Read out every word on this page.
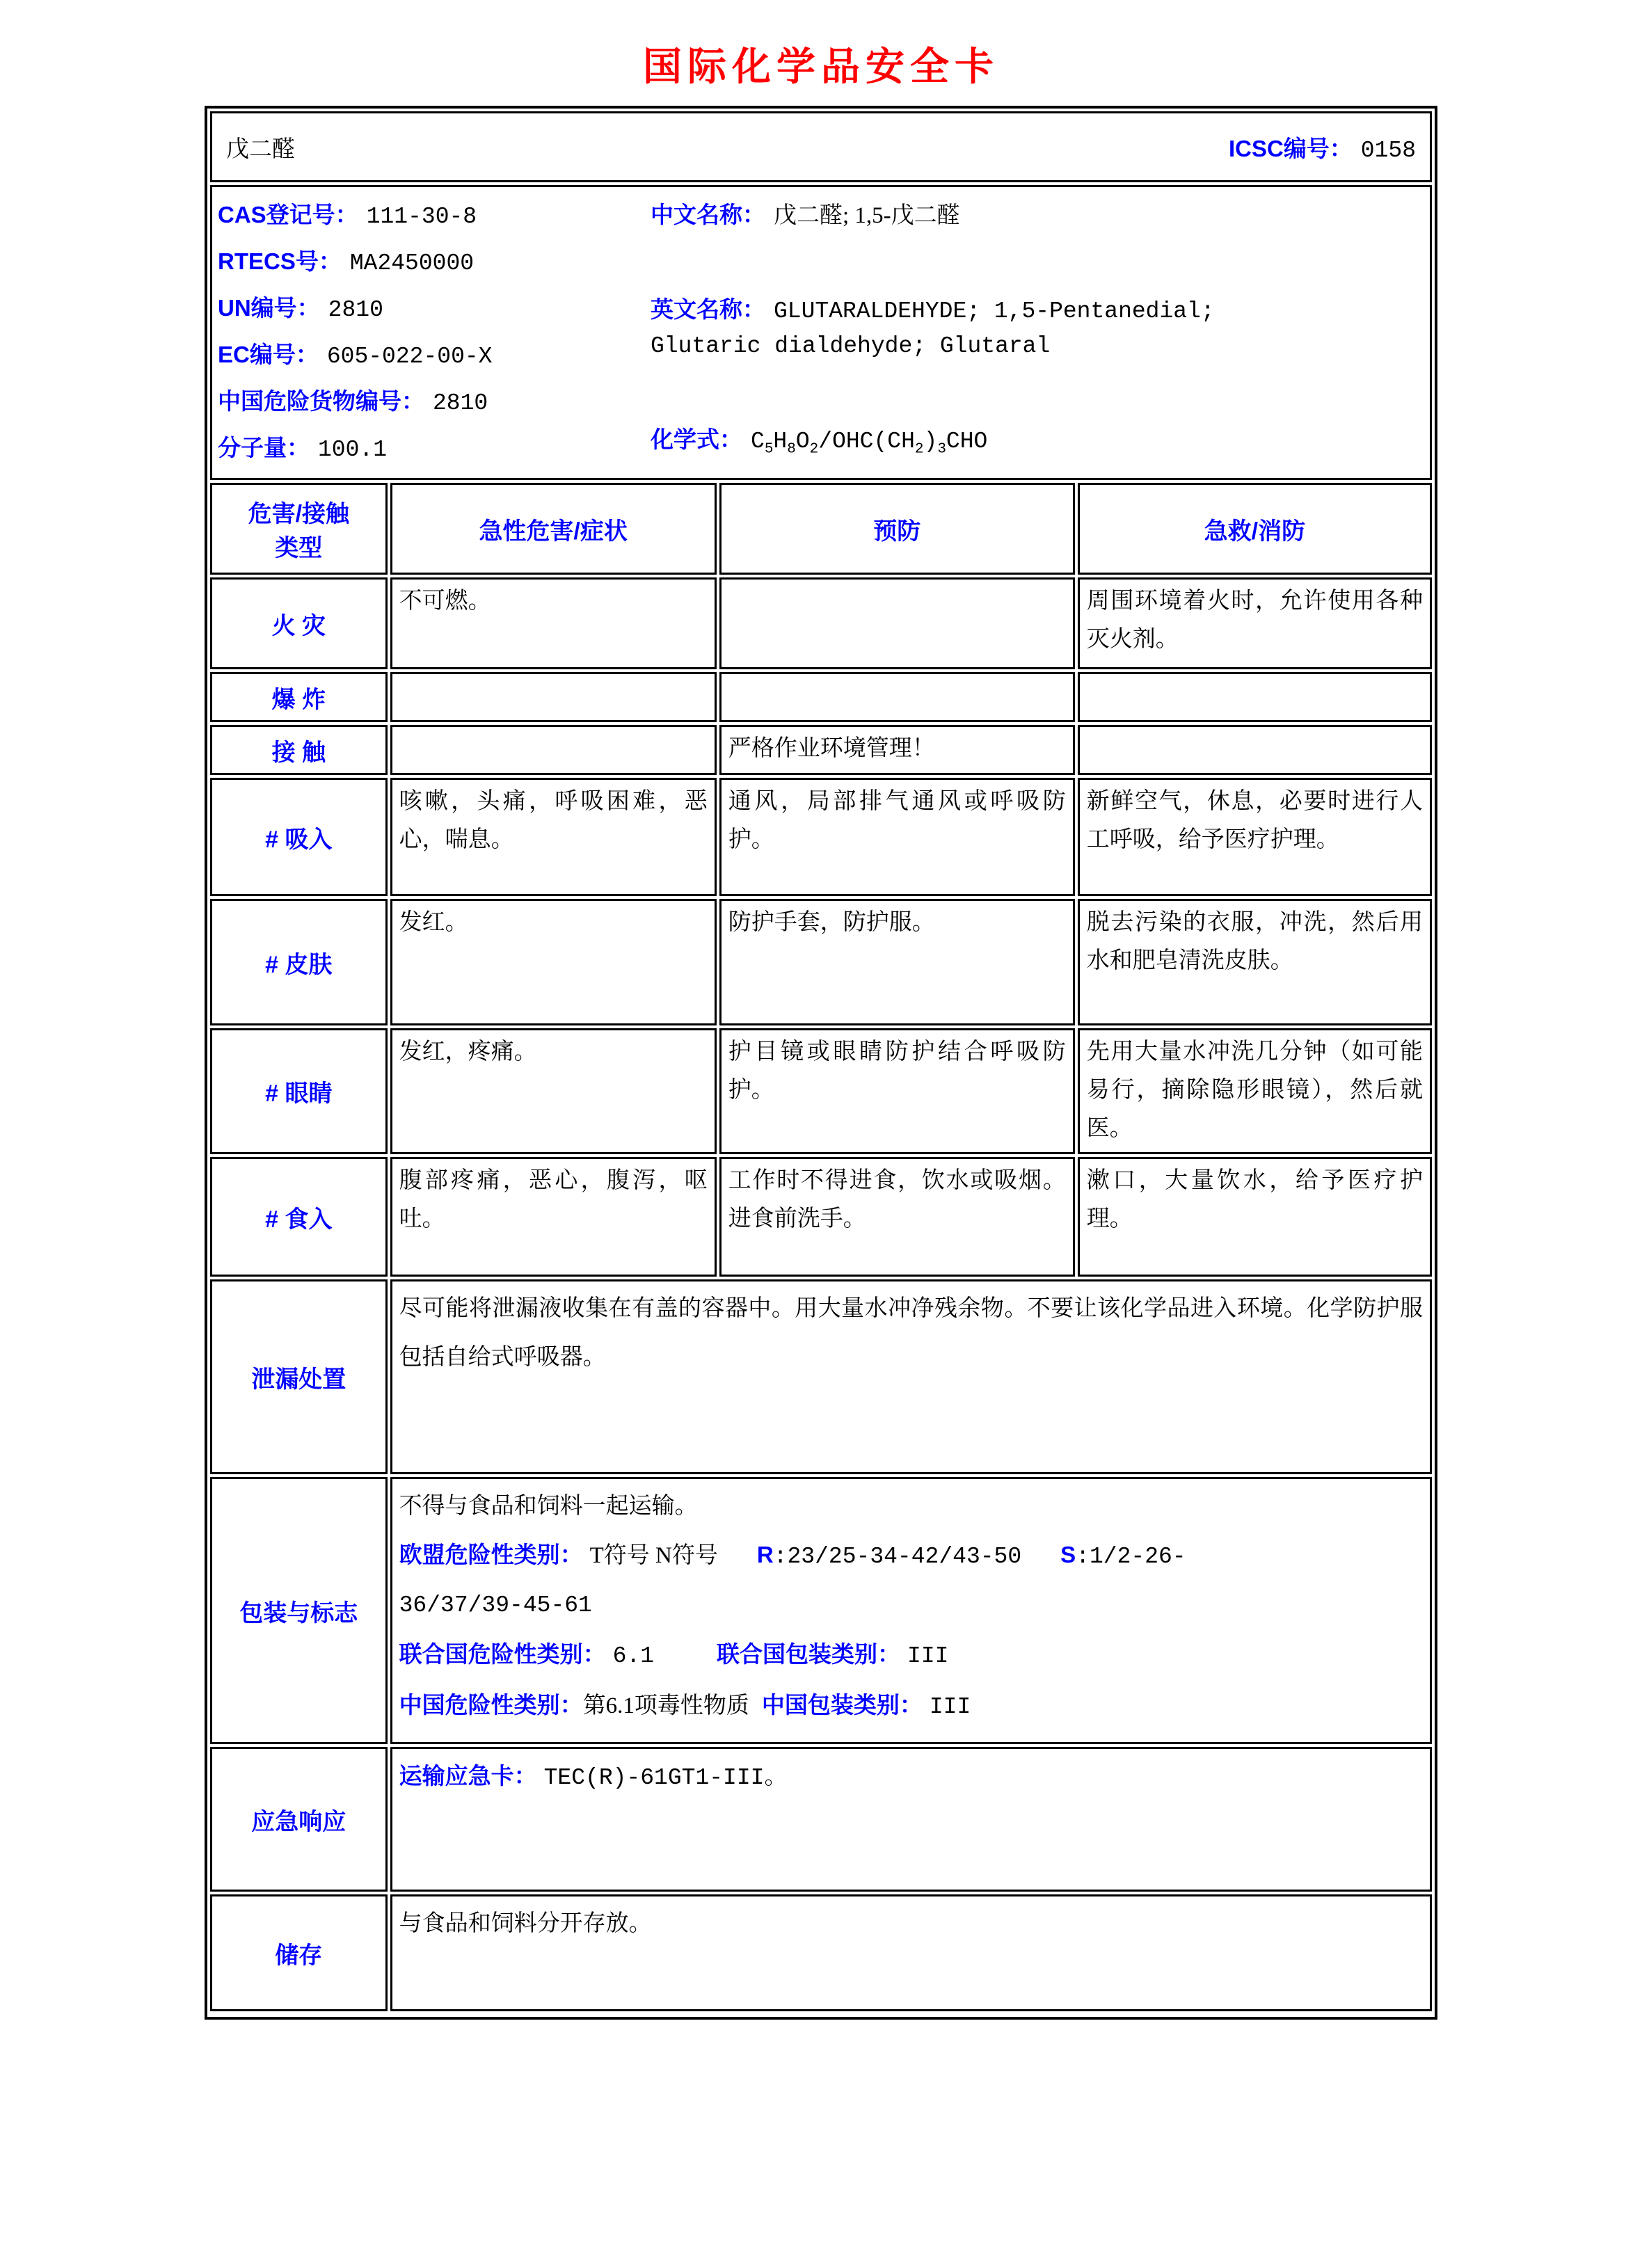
国际化学品安全卡
戊二醛	ICSC编号： 0158
CAS登记号： 111-30-8
RTECS号： MA2450000
UN编号： 2810
EC编号： 605-022-00-X
中国危险货物编号： 2810
分子量： 100.1
中文名称： 戊二醛; 1,5-戊二醛
英文名称： GLUTARALDEHYDE; 1,5-Pentanedial;
Glutaric dialdehyde; Glutaral
化学式： $C_5H_8O_2/OHC(CH_2)_3CHO$
危害/接触
类型	急性危害/症状	预防	急救/消防
火 灾	不可燃。		周围环境着火时，允许使用各种灭火剂。
爆 炸			
接 触		严格作业环境管理！	
# 吸入	咳嗽，头痛，呼吸困难，恶心，喘息。	通风，局部排气通风或呼吸防护。	新鲜空气，休息，必要时进行人工呼吸，给予医疗护理。
# 皮肤	发红。	防护手套，防护服。	脱去污染的衣服，冲洗，然后用水和肥皂清洗皮肤。
# 眼睛	发红，疼痛。	护目镜或眼睛防护结合呼吸防护。	先用大量水冲洗几分钟（如可能易行，摘除隐形眼镜），然后就医。
# 食入	腹部疼痛，恶心，腹泻，呕吐。	工作时不得进食，饮水或吸烟。进食前洗手。	漱口，大量饮水，给予医疗护理。
泄漏处置	尽可能将泄漏液收集在有盖的容器中。用大量水冲净残余物。不要让该化学品进入环境。化学防护服包括自给式呼吸器。		
包装与标志	不得与食品和饲料一起运输。
欧盟危险性类别： T符号 N符号 R:23/25-34-42/43-50 S:1/2-26-
36/37/39-45-61
联合国危险性类别： 6.1 联合国包装类别： III
中国危险性类别：第6.1项毒性物质 中国包装类别： III		

应急响应	运输应急卡： TEC(R)-61GT1-III。		
储存	与食品和饲料分开存放。		
